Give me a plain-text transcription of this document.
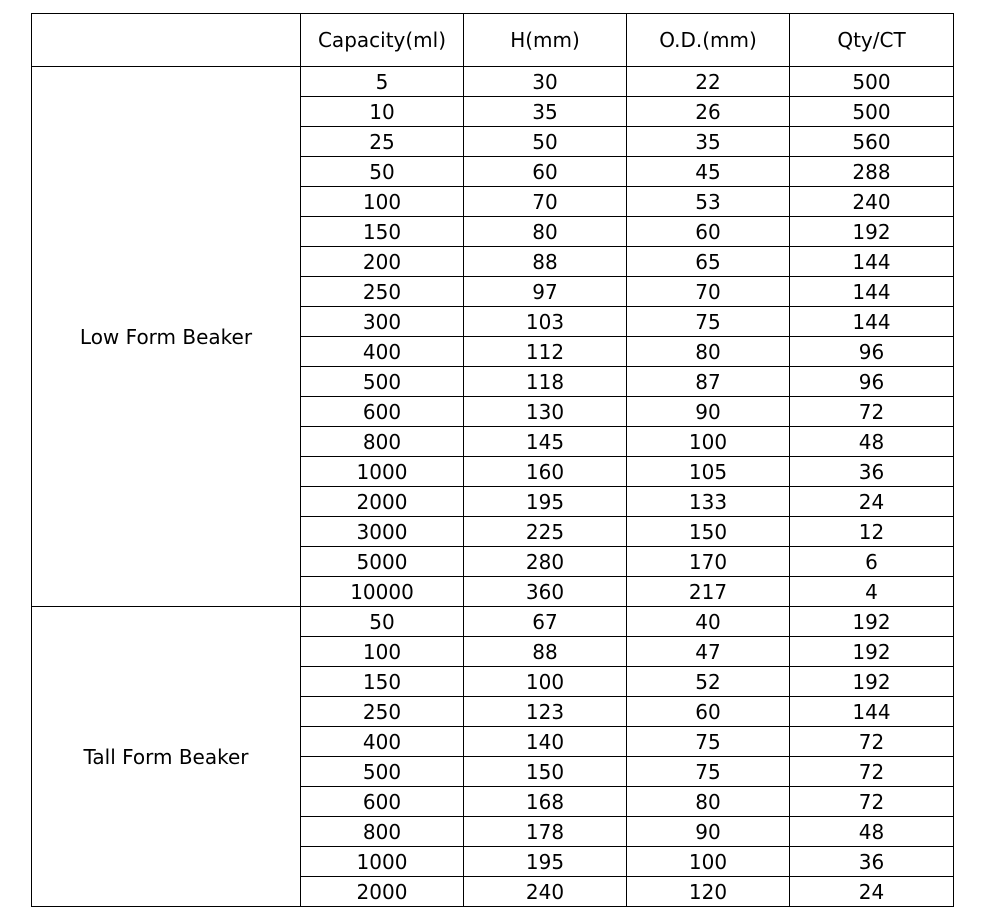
	Capacity(ml)	H(mm)	O.D.(mm)	Qty/CT
Low Form Beaker	5	30	22	500
	10	35	26	500
	25	50	35	560
	50	60	45	288
	100	70	53	240
	150	80	60	192
	200	88	65	144
	250	97	70	144
	300	103	75	144
	400	112	80	96
	500	118	87	96
	600	130	90	72
	800	145	100	48
	1000	160	105	36
	2000	195	133	24
	3000	225	150	12
	5000	280	170	6
	10000	360	217	4
Tall Form Beaker	50	67	40	192
	100	88	47	192
	150	100	52	192
	250	123	60	144
	400	140	75	72
	500	150	75	72
	600	168	80	72
	800	178	90	48
	1000	195	100	36
	2000	240	120	24
